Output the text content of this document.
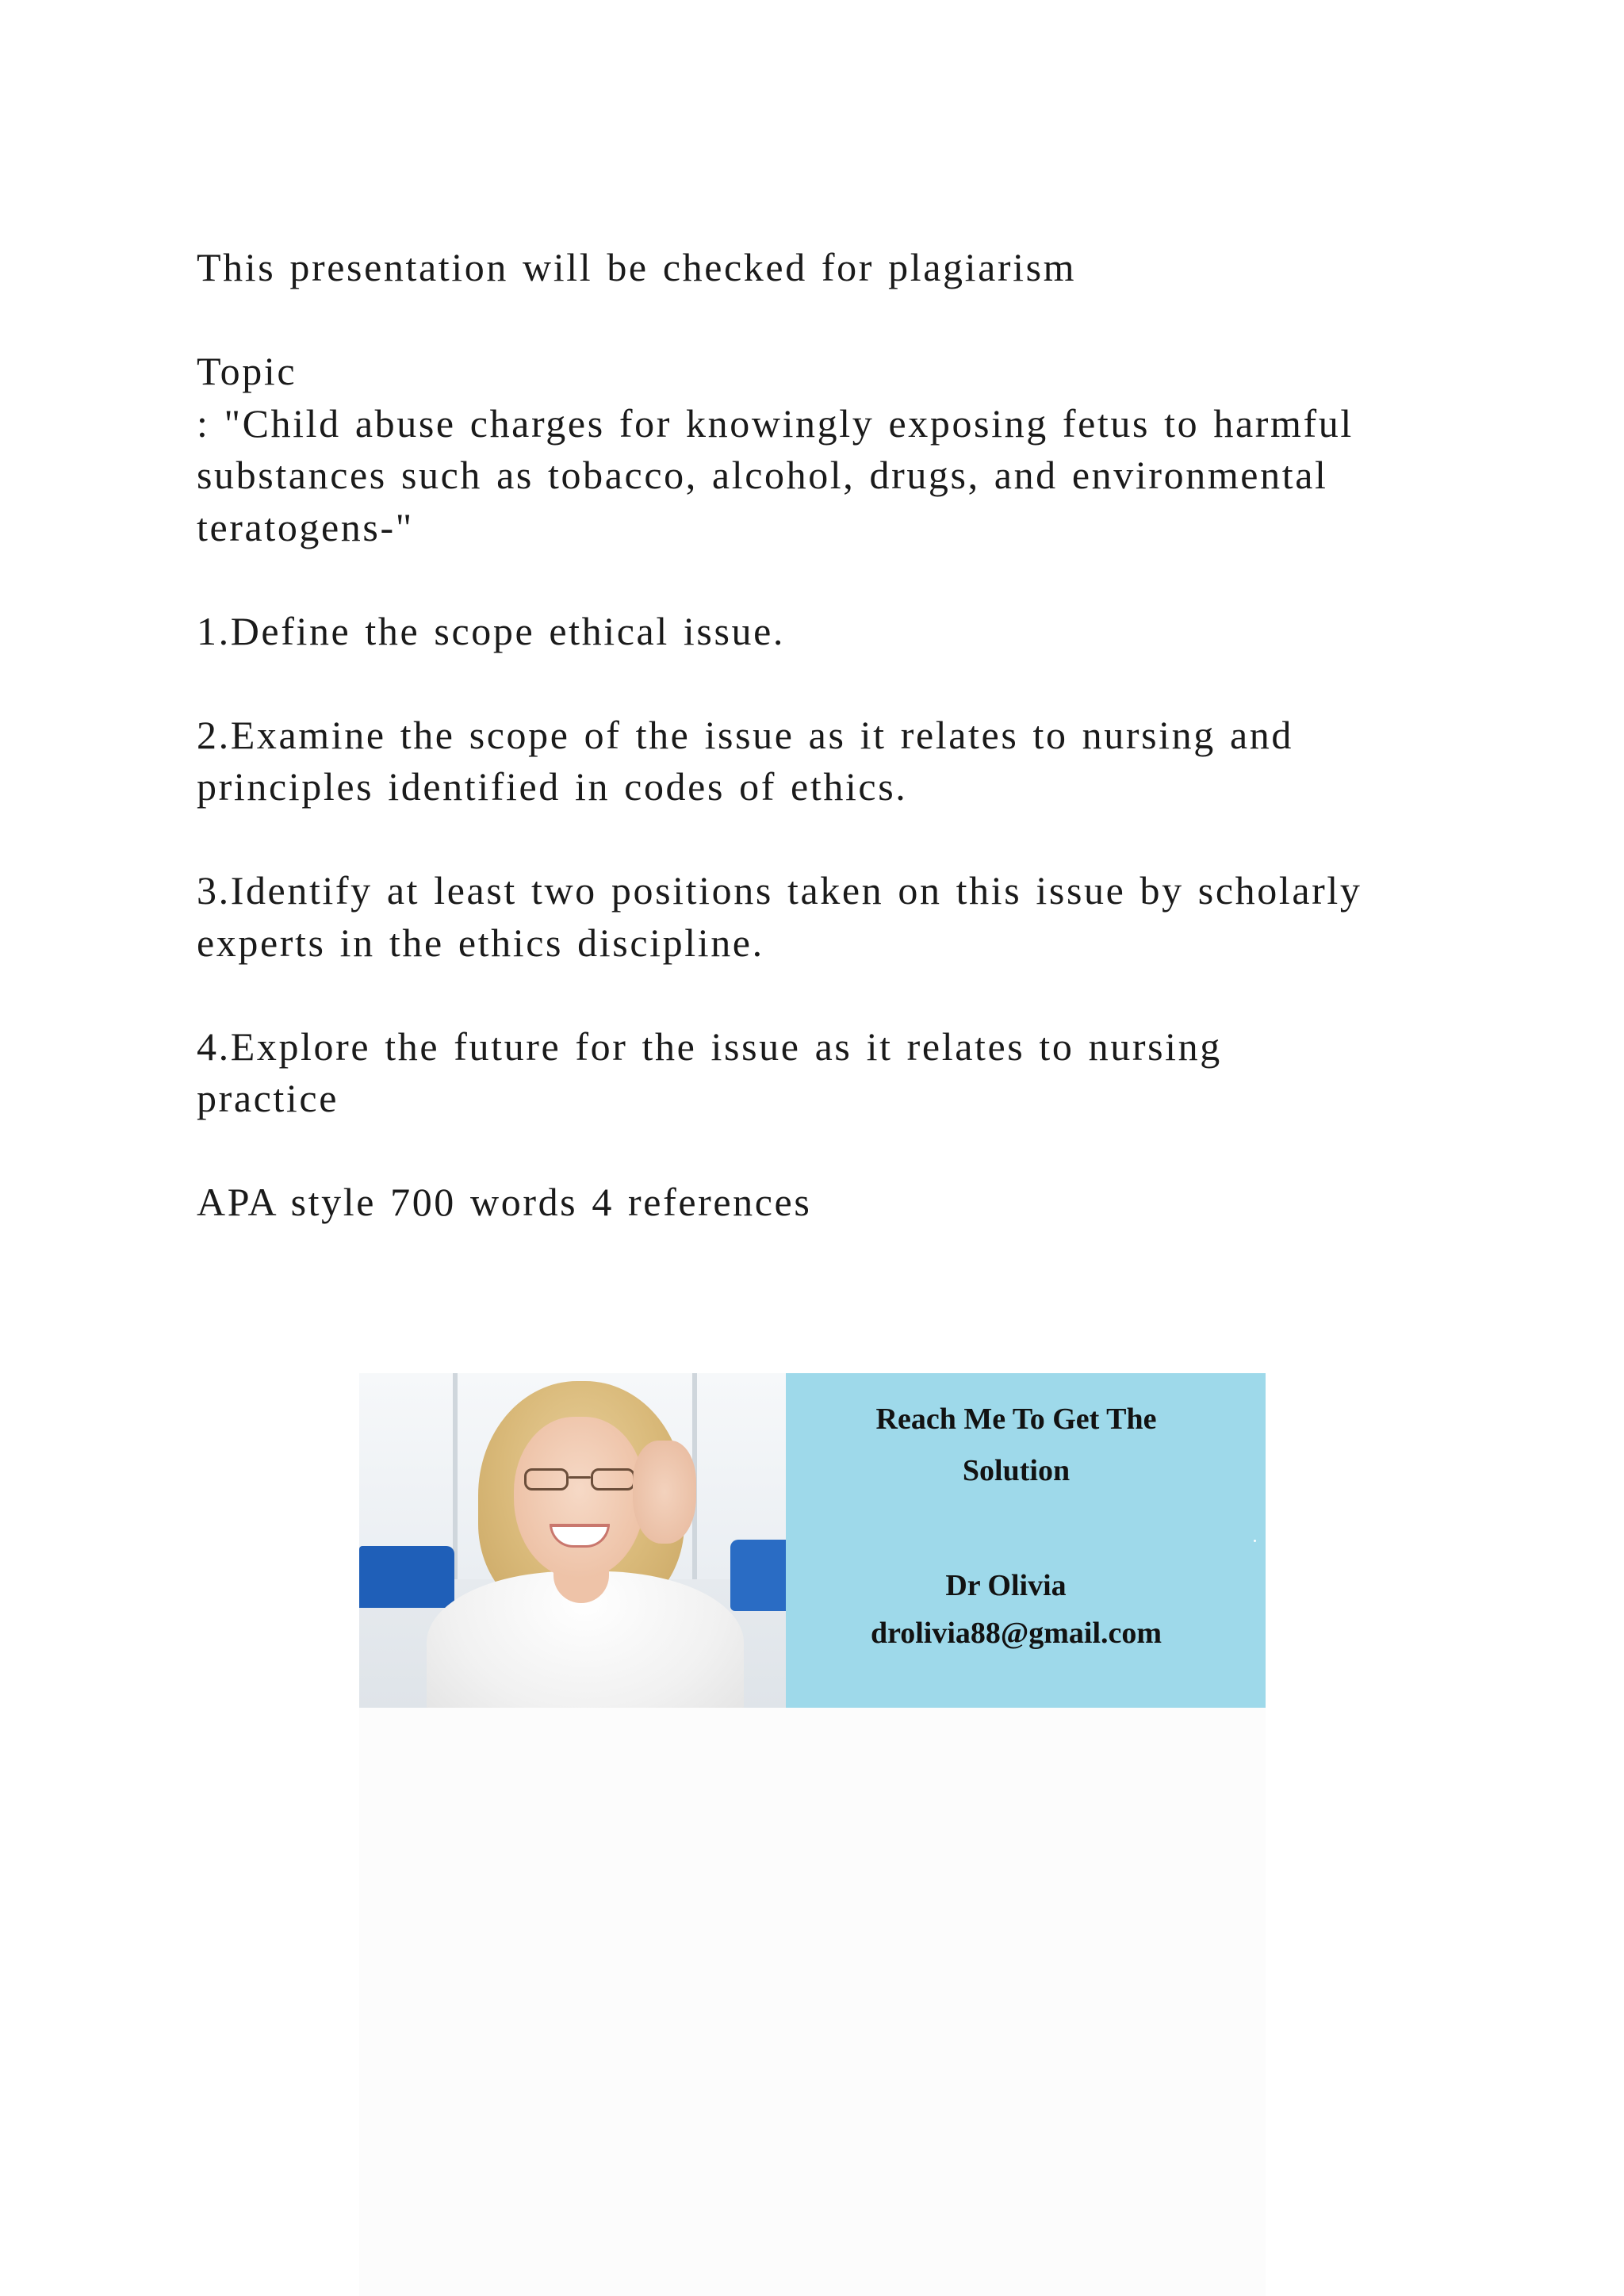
This presentation will be checked for plagiarism

Topic

: "Child abuse charges for knowingly exposing fetus to harmful

substances such as tobacco, alcohol, drugs, and environmental

teratogens-"

1.Define the scope ethical issue.

2.Examine the scope of the issue as it relates to nursing and

principles identified in codes of ethics.

3.Identify at least two positions taken on this issue by scholarly

experts in the ethics discipline.

4.Explore the future for the issue as it relates to nursing

practice

APA style 700 words 4 references

Reach Me To Get The
Solution
Dr Olivia
drolivia88@gmail.com
